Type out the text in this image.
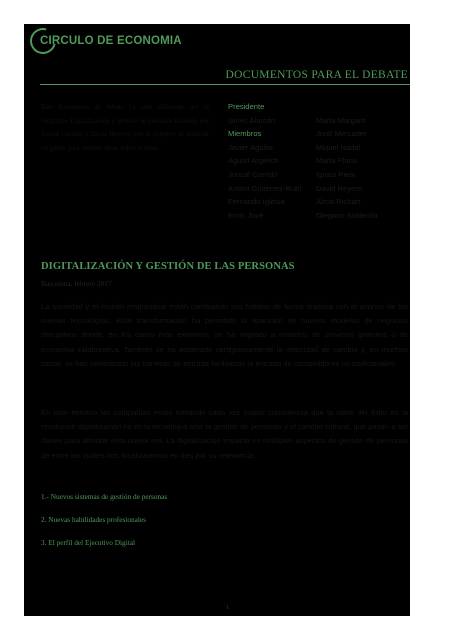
CIRCULO DE ECONOMIA
DOCUMENTOS PARA EL DEBATE
Este documento de debate ha sido elaborado por el Subgrupo Digitalización y gestión de personas liderado por Juncal Garrido y David Reyero, con el objetivo de redactar un guión para ordenar ideas sobre el tema
Presidente
Ginés Alarcón
Miembros
Javier Aguilar
Agustí Argelich
Juncal Garrido
Antoni Gutierrez-Rubí
Fernando Iglesia
Enric Jové

Marta Margarit
Jordi Mercader
Miquel Nadal
Marta Plana
Ignasi Pietx
David Reyero
Alicia Richart
Olegario Soldevila
DIGITALIZACIÓN Y GESTIÓN DE LAS PERSONAS
Barcelona, febrero 2017
La sociedad y el mundo empresarial están cambiando sus hábitos de forma drástica con el avance de las nuevas tecnologías. Esta transformación ha permitido la aparición de nuevos modelos de negocios disruptivos donde, en los casos más extremos, se ha migrado a modelos de servicios gratuitos o de economía colaborativa. También se ha acelerado vertiginosamente la velocidad de cambio y, en muchos casos, se han minimizado las barreras de entrada facilitando la entrada de competidores no tradicionales.
En este entorno las compañías están tomando cada vez mayor consciencia que la clave del éxito en la revolución digitalización no es la tecnología sino la gestión de personas y el cambio cultural, que pasan a ser claves para afrontar esta nueva era. La digitalización impacta en múltiples aspectos de gestión de personas de entre los cuales nos focalizaremos en tres por su relevancia:
1.- Nuevos sistemas de gestión de personas
2. Nuevas habilidades profesionales
3. El perfil del Ejecutivo Digital
1
